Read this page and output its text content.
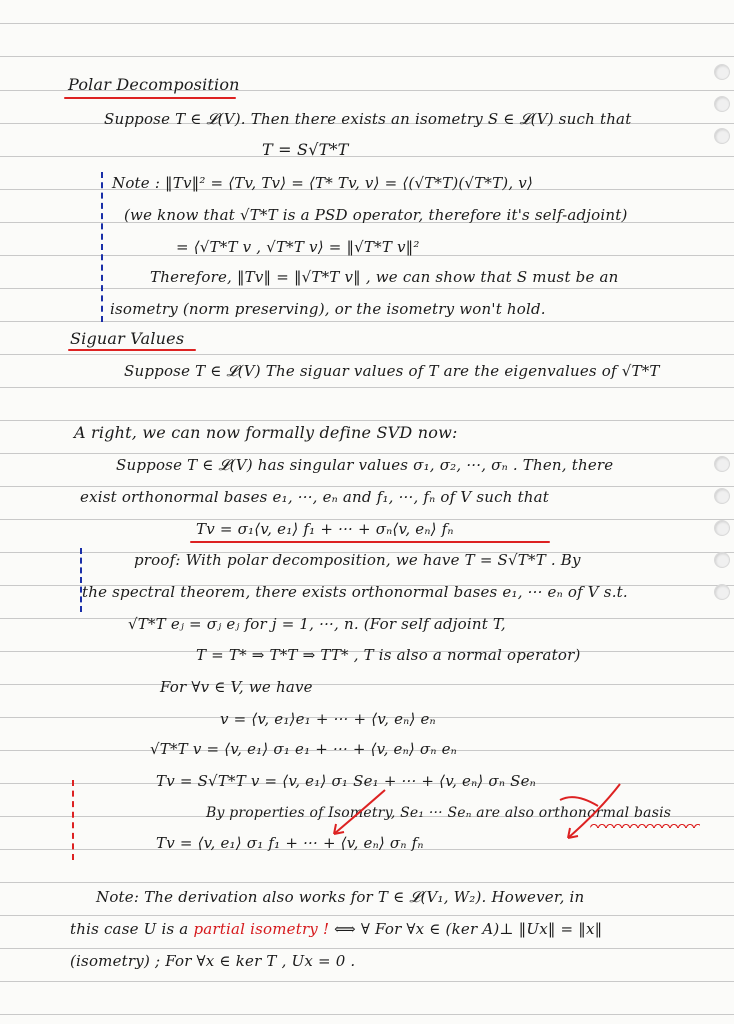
Polar Decomposition
Suppose T ∈ 𝓛(V). Then there exists an isometry S ∈ 𝓛(V) such that
T = S√T*T
Note : ‖Tv‖² = ⟨Tv, Tv⟩ = ⟨T* Tv, v⟩ = ⟨(√T*T)(√T*T), v⟩
(we know that √T*T is a PSD operator, therefore it's self-adjoint)
= ⟨√T*T v , √T*T v⟩ = ‖√T*T v‖²
Therefore, ‖Tv‖ = ‖√T*T v‖ , we can show that S must be an
isometry (norm preserving), or the isometry won't hold.
Siguar Values
Suppose T ∈ 𝓛(V) The siguar values of T are the eigenvalues of √T*T
A right, we can now formally define SVD now:
Suppose T ∈ 𝓛(V) has singular values σ₁, σ₂, ···, σₙ . Then, there
exist orthonormal bases e₁, ···, eₙ and f₁, ···, fₙ of V such that
Tv = σ₁⟨v, e₁⟩ f₁ + ··· + σₙ⟨v, eₙ⟩ fₙ
proof: With polar decomposition, we have T = S√T*T . By
the spectral theorem, there exists orthonormal bases e₁, ··· eₙ of V s.t.
√T*T eⱼ = σⱼ eⱼ for j = 1, ···, n. (For self adjoint T,
T = T* ⇒ T*T ⇒ TT* , T is also a normal operator)
For ∀v ∈ V, we have
v = ⟨v, e₁⟩e₁ + ··· + ⟨v, eₙ⟩ eₙ
√T*T v = ⟨v, e₁⟩ σ₁ e₁ + ··· + ⟨v, eₙ⟩ σₙ eₙ
Tv = S√T*T v = ⟨v, e₁⟩ σ₁ Se₁ + ··· + ⟨v, eₙ⟩ σₙ Seₙ
By properties of Isometry, Se₁ ··· Seₙ are also orthonormal basis
Tv = ⟨v, e₁⟩ σ₁ f₁ + ··· + ⟨v, eₙ⟩ σₙ fₙ
Note: The derivation also works for T ∈ 𝓛(V₁, W₂). However, in
this case U is a partial isometry ! ⟺ ∀ For ∀x ∈ (ker A)⊥ ‖Ux‖ = ‖x‖
(isometry) ; For ∀x ∈ ker T , Ux = 0 .
